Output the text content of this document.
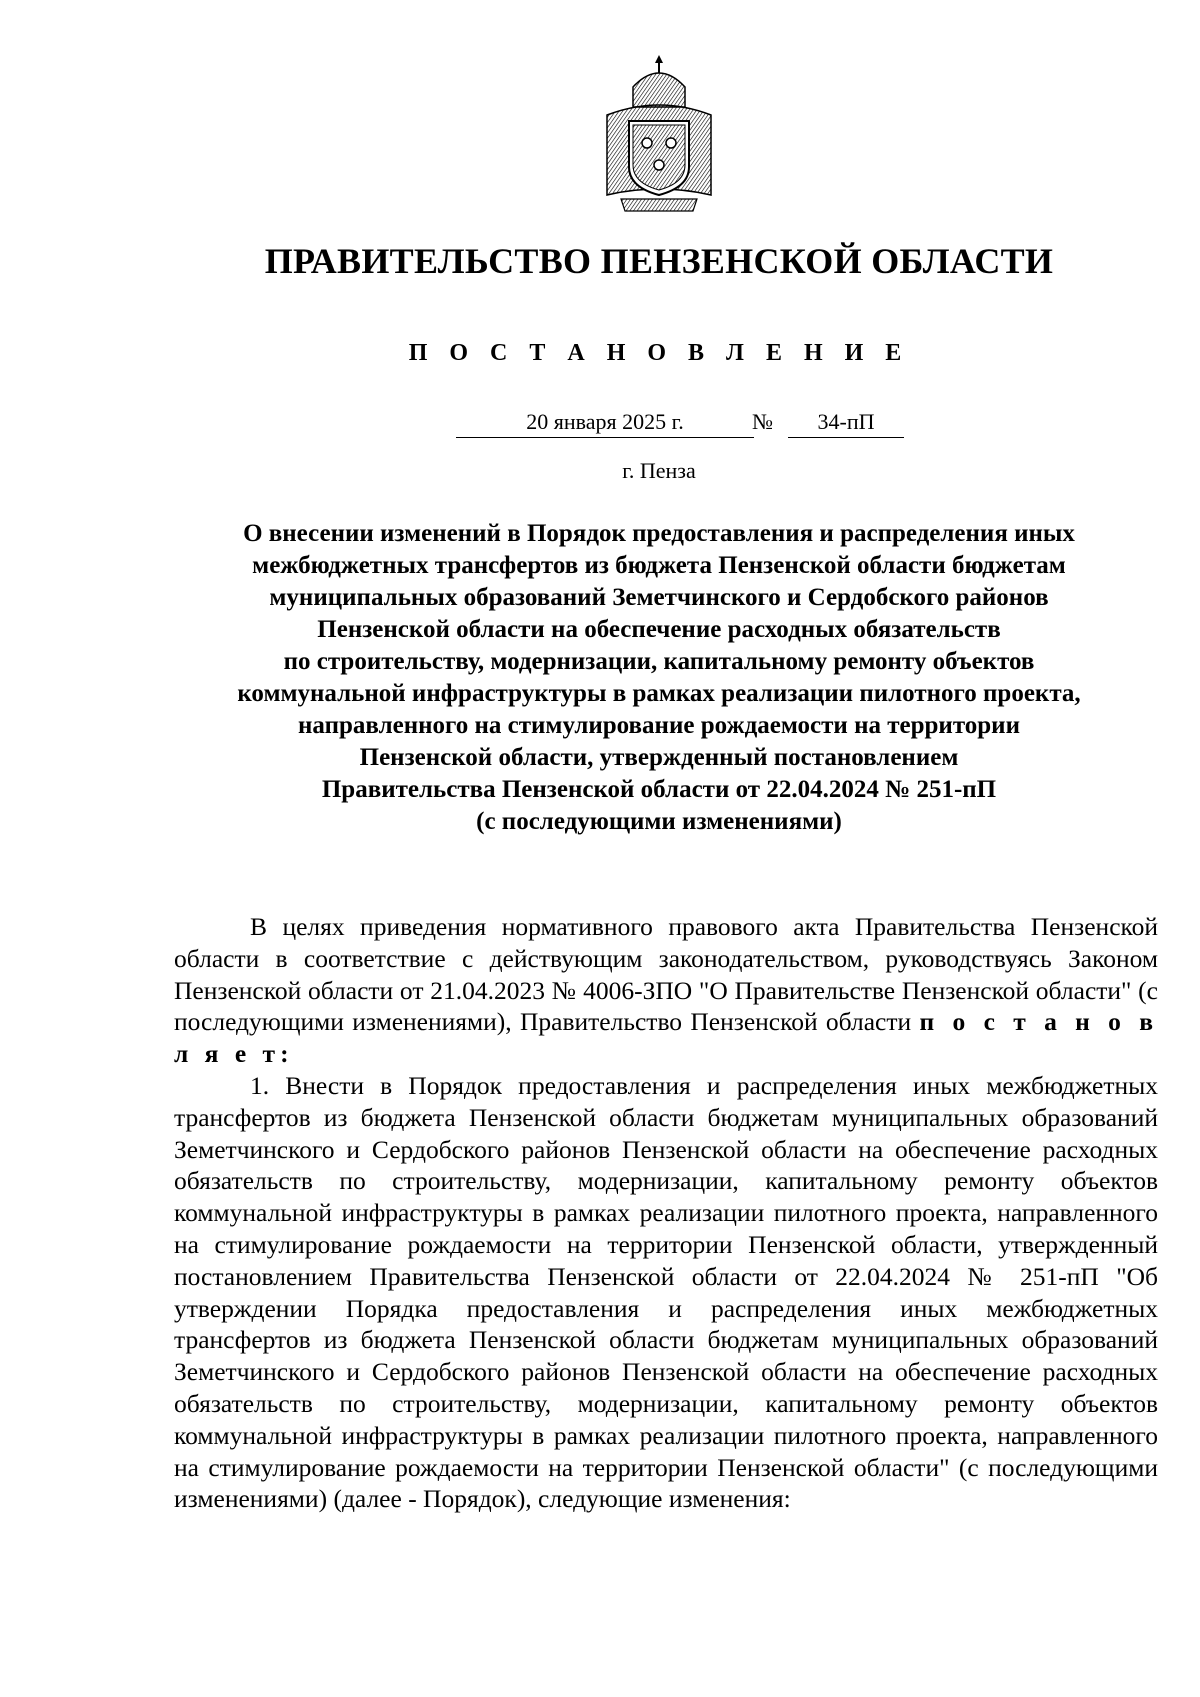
ПРАВИТЕЛЬСТВО ПЕНЗЕНСКОЙ ОБЛАСТИ
П О С Т А Н О В Л Е Н И Е
20 января 2025 г.	№	34-пП
г. Пенза
О внесении изменений в Порядок предоставления и распределения иных
межбюджетных трансфертов из бюджета Пензенской области бюджетам
муниципальных образований Земетчинского и Сердобского районов
Пензенской области на обеспечение расходных обязательств
по строительству, модернизации, капитальному ремонту объектов
коммунальной инфраструктуры в рамках реализации пилотного проекта,
направленного на стимулирование рождаемости на территории
Пензенской области, утвержденный постановлением
Правительства Пензенской области от 22.04.2024 № 251-пП
(с последующими изменениями)

В целях приведения нормативного правового акта Правительства Пензенской области в соответствие с действующим законодательством, руководствуясь Законом Пензенской области от 21.04.2023 № 4006-ЗПО "О Правительстве Пензенской области" (с последующими изменениями), Правительство Пензенской области п о с т а н о в л я е т:

1. Внести в Порядок предоставления и распределения иных межбюджетных трансфертов из бюджета Пензенской области бюджетам муниципальных образований Земетчинского и Сердобского районов Пензенской области на обеспечение расходных обязательств по строительству, модернизации, капитальному ремонту объектов коммунальной инфраструктуры в рамках реализации пилотного проекта, направленного на стимулирование рождаемости на территории Пензенской области, утвержденный постановлением Правительства Пензенской области от 22.04.2024 № 251-пП "Об утверждении Порядка предоставления и распределения иных межбюджетных трансфертов из бюджета Пензенской области бюджетам муниципальных образований Земетчинского и Сердобского районов Пензенской области на обеспечение расходных обязательств по строительству, модернизации, капитальному ремонту объектов коммунальной инфраструктуры в рамках реализации пилотного проекта, направленного на стимулирование рождаемости на территории Пензенской области" (с последующими изменениями) (далее - Порядок), следующие изменения:
